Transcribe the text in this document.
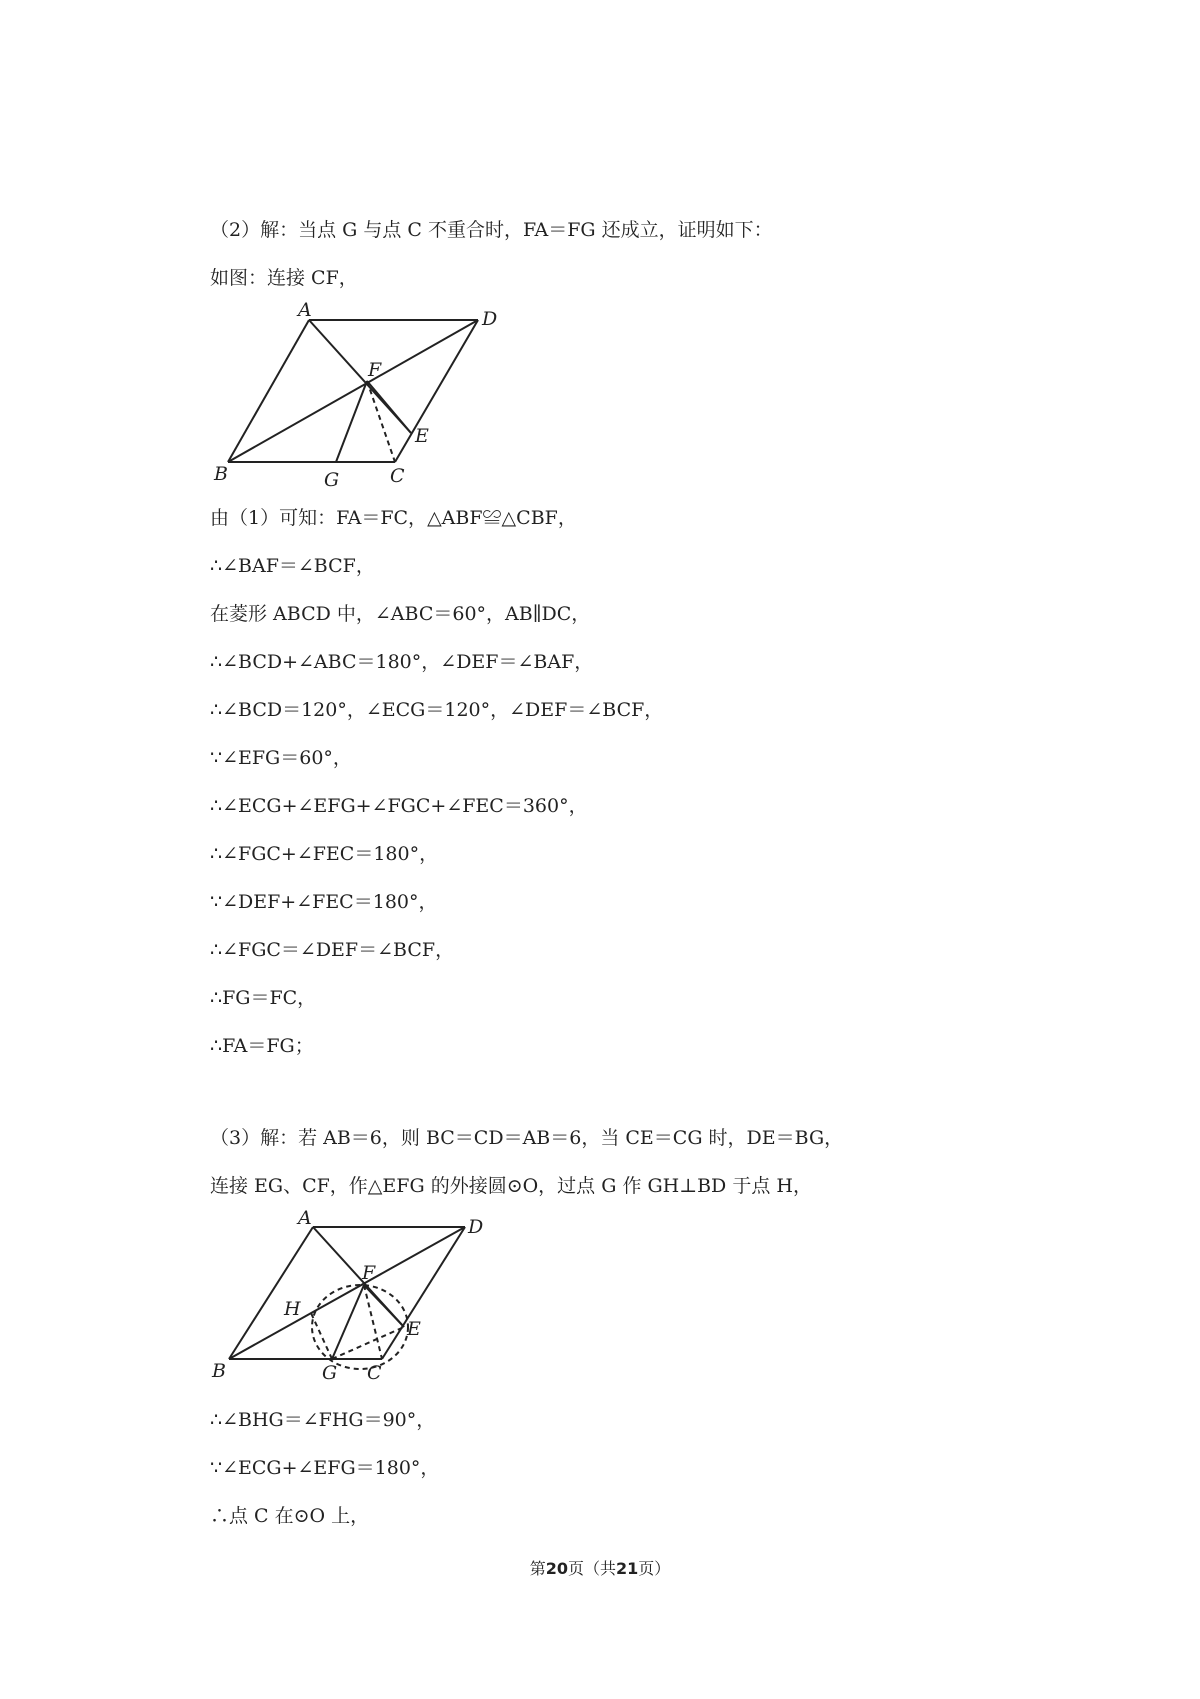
（2）解：当点 G 与点 C 不重合时，FA＝FG 还成立，证明如下：
如图：连接 CF，
A	D
F
E
B	G	C
由（1）可知：FA＝FC，△ABF≌△CBF，
∴∠BAF＝∠BCF，
在菱形 ABCD 中，∠ABC＝60°，AB∥DC，
∴∠BCD+∠ABC＝180°，∠DEF＝∠BAF，
∴∠BCD＝120°，∠ECG＝120°，∠DEF＝∠BCF，
∵∠EFG＝60°，
∴∠ECG+∠EFG+∠FGC+∠FEC＝360°，
∴∠FGC+∠FEC＝180°，
∵∠DEF+∠FEC＝180°，
∴∠FGC＝∠DEF＝∠BCF，
∴FG＝FC，
∴FA＝FG；
（3）解：若 AB＝6，则 BC＝CD＝AB＝6，当 CE＝CG 时，DE＝BG，
连接 EG、CF，作△EFG 的外接圆⊙O，过点 G 作 GH⊥BD 于点 H，
A	D
F
H
E
B	G C
∴∠BHG＝∠FHG＝90°，
∵∠ECG+∠EFG＝180°，
∴点 C 在⊙O 上，
第20页（共21页）
